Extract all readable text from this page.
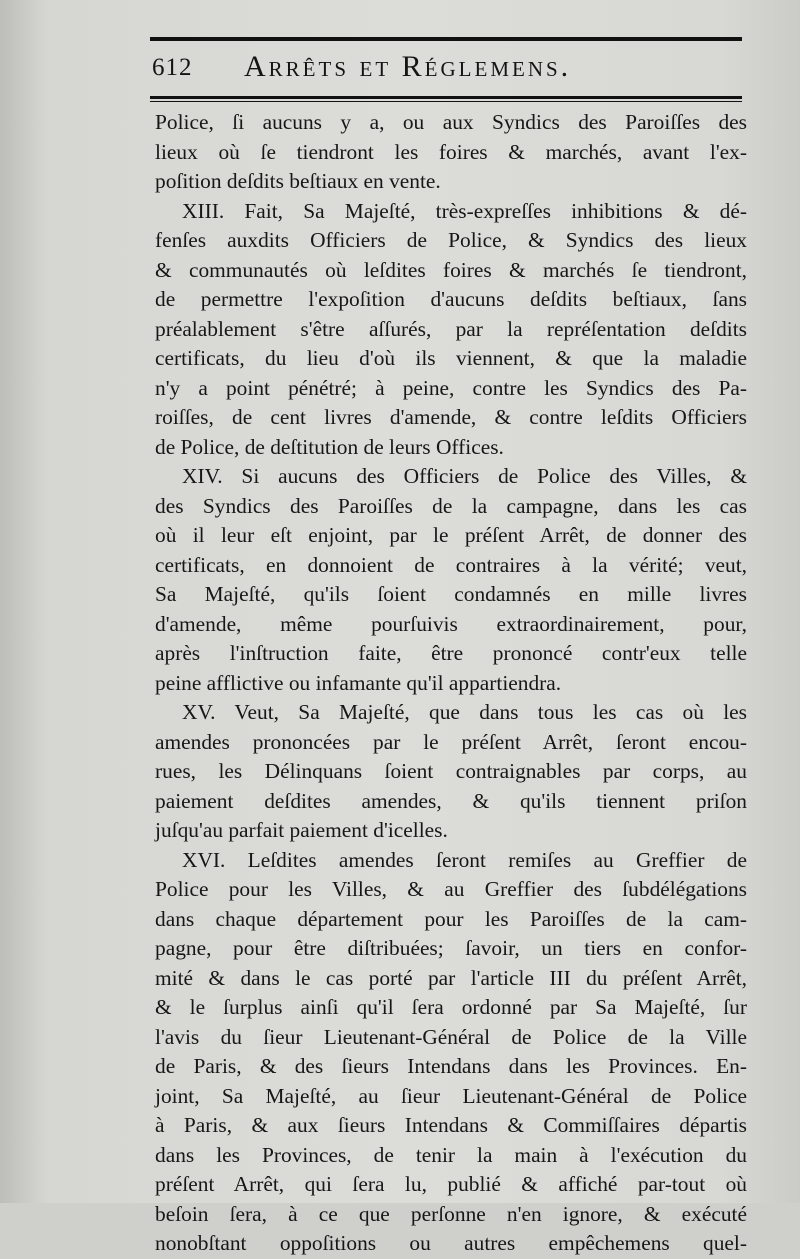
612 Arrêts et Réglemens.
Police, ſi aucuns y a, ou aux Syndics des Paroiſſes des
lieux où ſe tiendront les foires & marchés, avant l'ex-
poſition deſdits beſtiaux en vente.
XIII. Fait, Sa Majeſté, très-expreſſes inhibitions & dé-
fenſes auxdits Officiers de Police, & Syndics des lieux
& communautés où leſdites foires & marchés ſe tiendront,
de permettre l'expoſition d'aucuns deſdits beſtiaux, ſans
préalablement s'être aſſurés, par la repréſentation deſdits
certificats, du lieu d'où ils viennent, & que la maladie
n'y a point pénétré; à peine, contre les Syndics des Pa-
roiſſes, de cent livres d'amende, & contre leſdits Officiers
de Police, de deſtitution de leurs Offices.
XIV. Si aucuns des Officiers de Police des Villes, &
des Syndics des Paroiſſes de la campagne, dans les cas
où il leur eſt enjoint, par le préſent Arrêt, de donner des
certificats, en donnoient de contraires à la vérité; veut,
Sa Majeſté, qu'ils ſoient condamnés en mille livres
d'amende, même pourſuivis extraordinairement, pour,
après l'inſtruction faite, être prononcé contr'eux telle
peine afflictive ou infamante qu'il appartiendra.
XV. Veut, Sa Majeſté, que dans tous les cas où les
amendes prononcées par le préſent Arrêt, ſeront encou-
rues, les Délinquans ſoient contraignables par corps, au
paiement deſdites amendes, & qu'ils tiennent priſon
juſqu'au parfait paiement d'icelles.
XVI. Leſdites amendes ſeront remiſes au Greffier de
Police pour les Villes, & au Greffier des ſubdélégations
dans chaque département pour les Paroiſſes de la cam-
pagne, pour être diſtribuées; ſavoir, un tiers en confor-
mité & dans le cas porté par l'article III du préſent Arrêt,
& le ſurplus ainſi qu'il ſera ordonné par Sa Majeſté, ſur
l'avis du ſieur Lieutenant-Général de Police de la Ville
de Paris, & des ſieurs Intendans dans les Provinces. En-
joint, Sa Majeſté, au ſieur Lieutenant-Général de Police
à Paris, & aux ſieurs Intendans & Commiſſaires départis
dans les Provinces, de tenir la main à l'exécution du
préſent Arrêt, qui ſera lu, publié & affiché par-tout où
beſoin ſera, à ce que perſonne n'en ignore, & exécuté
nonobſtant oppoſitions ou autres empêchemens quel-
